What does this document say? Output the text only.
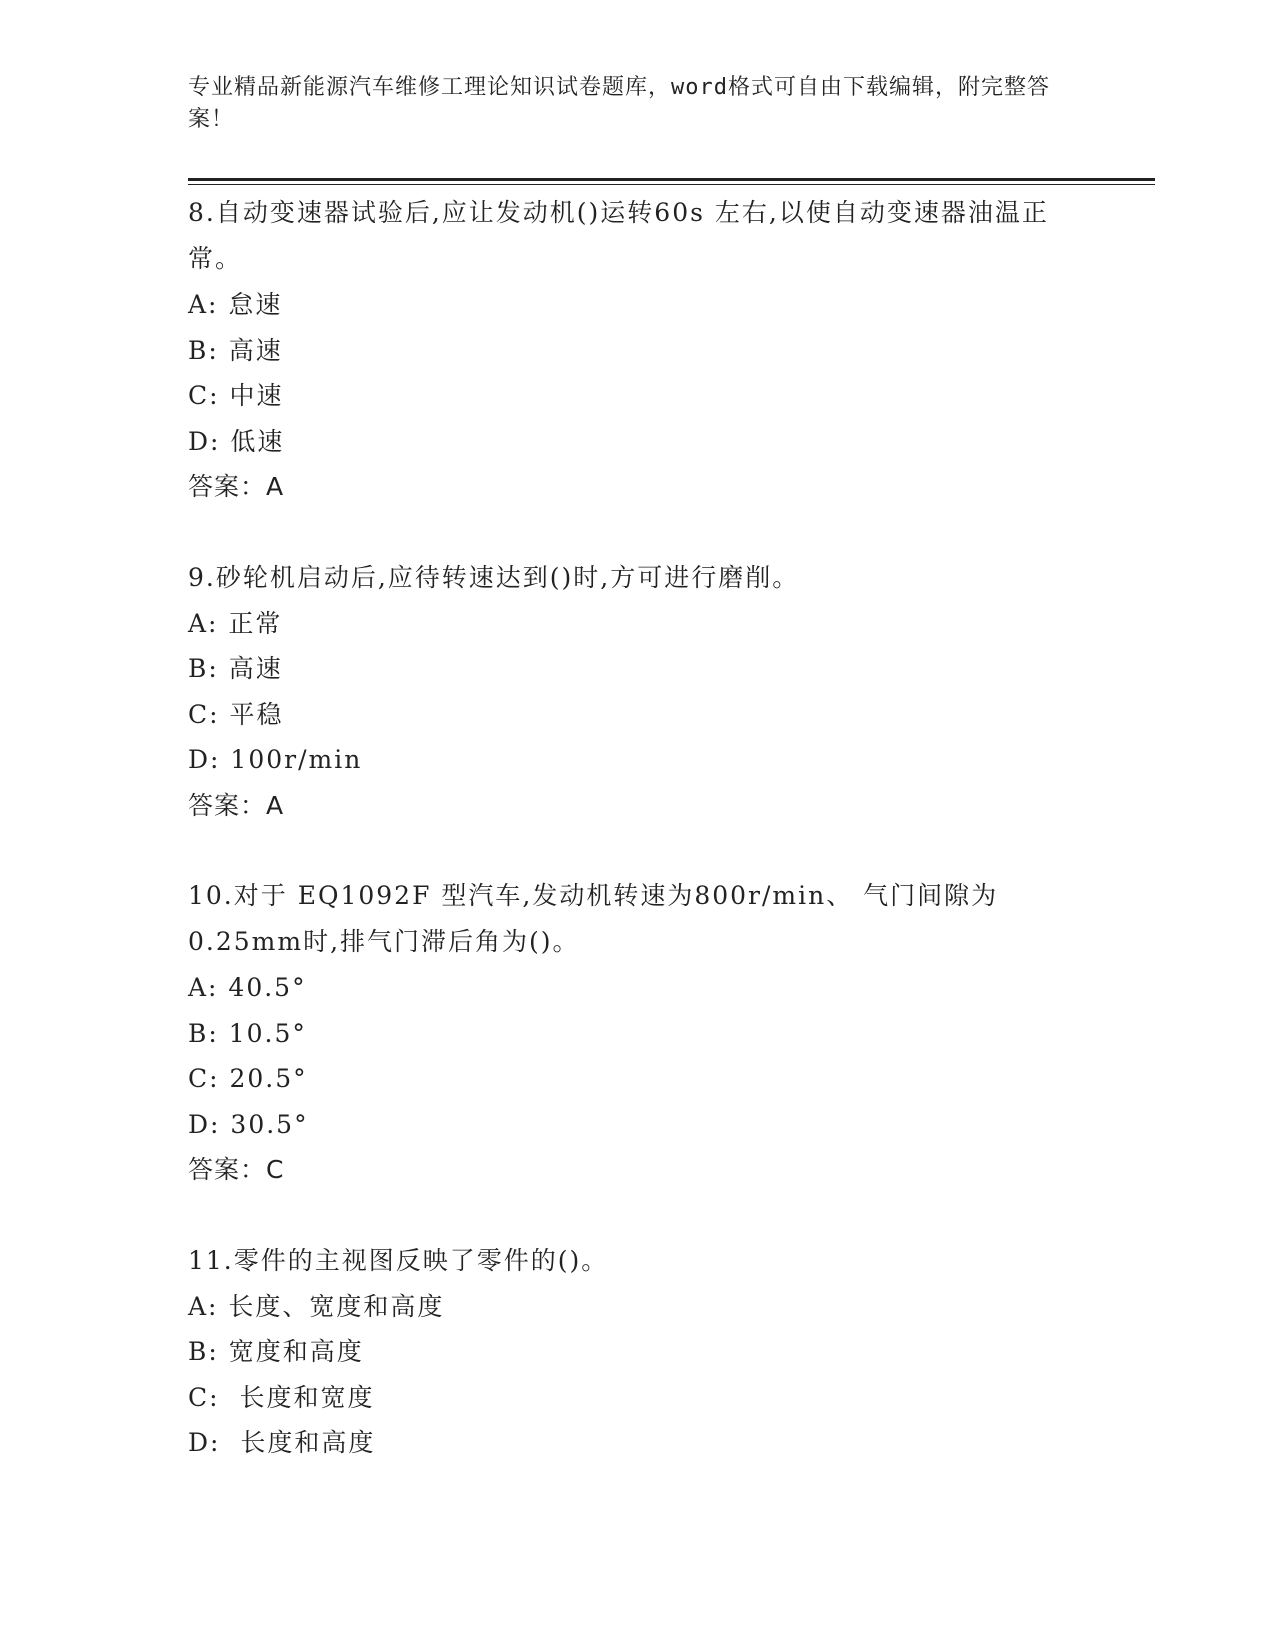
专业精品新能源汽车维修工理论知识试卷题库，word格式可自由下载编辑，附完整答案！

8.自动变速器试验后,应让发动机()运转60s 左右,以使自动变速器油温正常。

A: 怠速

B: 高速

C: 中速

D: 低速

答案：A

9.砂轮机启动后,应待转速达到()时,方可进行磨削。

A: 正常

B: 高速

C: 平稳

D: 100r/min

答案：A

10.对于 EQ1092F 型汽车,发动机转速为800r/min、 气门间隙为0.25mm时,排气门滞后角为()。

A: 40.5°

B: 10.5°

C: 20.5°

D: 30.5°

答案：C

11.零件的主视图反映了零件的()。

A: 长度、宽度和高度

B: 宽度和高度

C:  长度和宽度

D:  长度和高度
